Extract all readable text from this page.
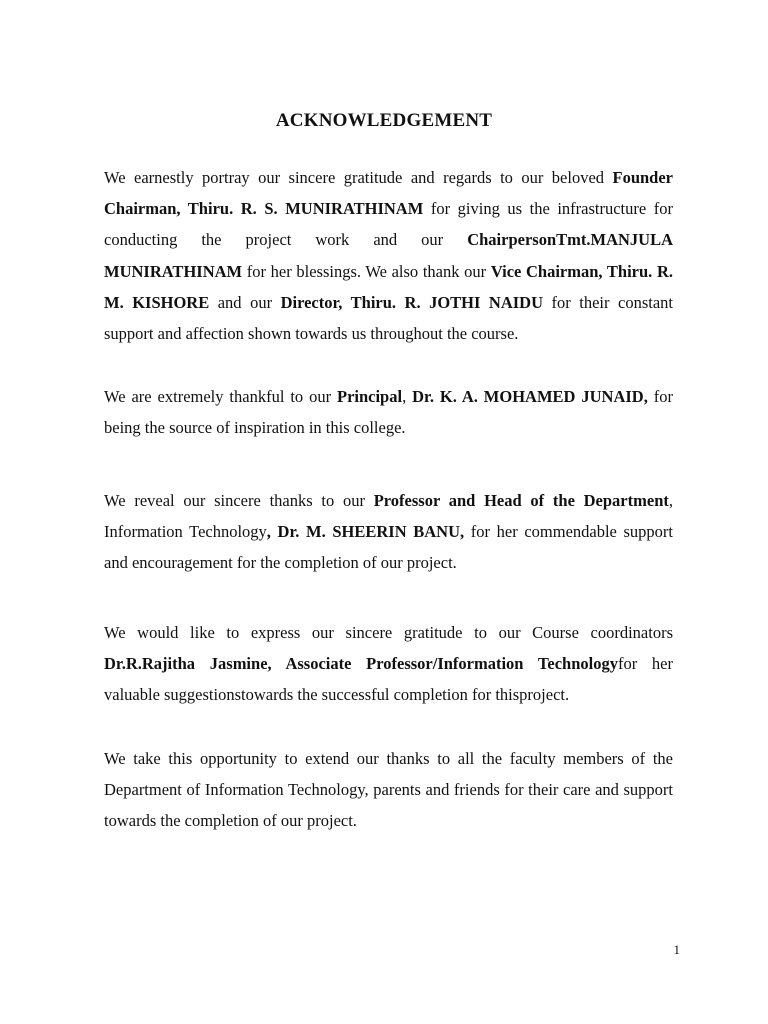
ACKNOWLEDGEMENT

We earnestly portray our sincere gratitude and regards to our beloved Founder Chairman, Thiru. R. S. MUNIRATHINAM for giving us the infrastructure for conducting the project work and our ChairpersonTmt.MANJULA MUNIRATHINAM for her blessings. We also thank our Vice Chairman, Thiru. R. M. KISHORE and our Director, Thiru. R. JOTHI NAIDU for their constant support and affection shown towards us throughout the course.

We are extremely thankful to our Principal, Dr. K. A. MOHAMED JUNAID, for being the source of inspiration in this college.

We reveal our sincere thanks to our Professor and Head of the Department, Information Technology, Dr. M. SHEERIN BANU, for her commendable support and encouragement for the completion of our project.

We would like to express our sincere gratitude to our Course coordinators Dr.R.Rajitha Jasmine, Associate Professor/Information Technologyfor her valuable suggestionstowards the successful completion for thisproject.

We take this opportunity to extend our thanks to all the faculty members of the Department of Information Technology, parents and friends for their care and support towards the completion of our project.

1
